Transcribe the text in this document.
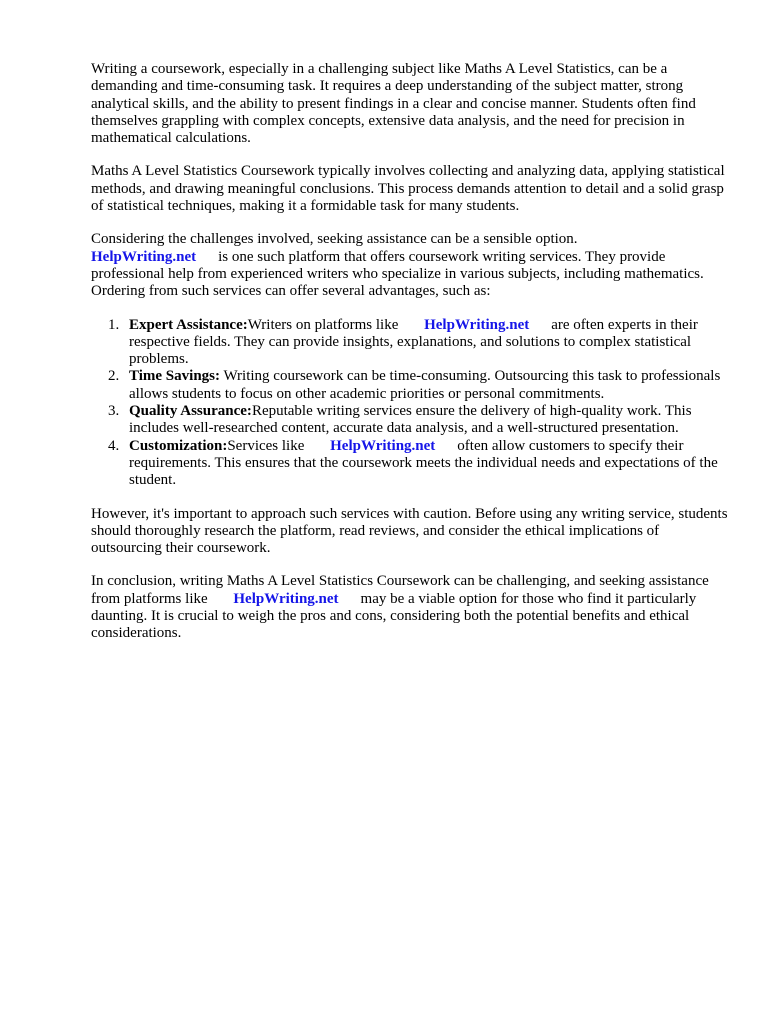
Writing a coursework, especially in a challenging subject like Maths A Level Statistics, can be a demanding and time-consuming task. It requires a deep understanding of the subject matter, strong analytical skills, and the ability to present findings in a clear and concise manner. Students often find themselves grappling with complex concepts, extensive data analysis, and the need for precision in mathematical calculations.

Maths A Level Statistics Coursework typically involves collecting and analyzing data, applying statistical methods, and drawing meaningful conclusions. This process demands attention to detail and a solid grasp of statistical techniques, making it a formidable task for many students.

Considering the challenges involved, seeking assistance can be a sensible option.
HelpWriting.net is one such platform that offers coursework writing services. They provide professional help from experienced writers who specialize in various subjects, including mathematics. Ordering from such services can offer several advantages, such as:

1. Expert Assistance:Writers on platforms like HelpWriting.net are often experts in their respective fields. They can provide insights, explanations, and solutions to complex statistical problems.
2. Time Savings: Writing coursework can be time-consuming. Outsourcing this task to professionals allows students to focus on other academic priorities or personal commitments.
3. Quality Assurance:Reputable writing services ensure the delivery of high-quality work. This includes well-researched content, accurate data analysis, and a well-structured presentation.
4. Customization:Services like HelpWriting.net often allow customers to specify their requirements. This ensures that the coursework meets the individual needs and expectations of the student.

However, it's important to approach such services with caution. Before using any writing service, students should thoroughly research the platform, read reviews, and consider the ethical implications of outsourcing their coursework.

In conclusion, writing Maths A Level Statistics Coursework can be challenging, and seeking assistance from platforms like HelpWriting.net may be a viable option for those who find it particularly daunting. It is crucial to weigh the pros and cons, considering both the potential benefits and ethical considerations.
